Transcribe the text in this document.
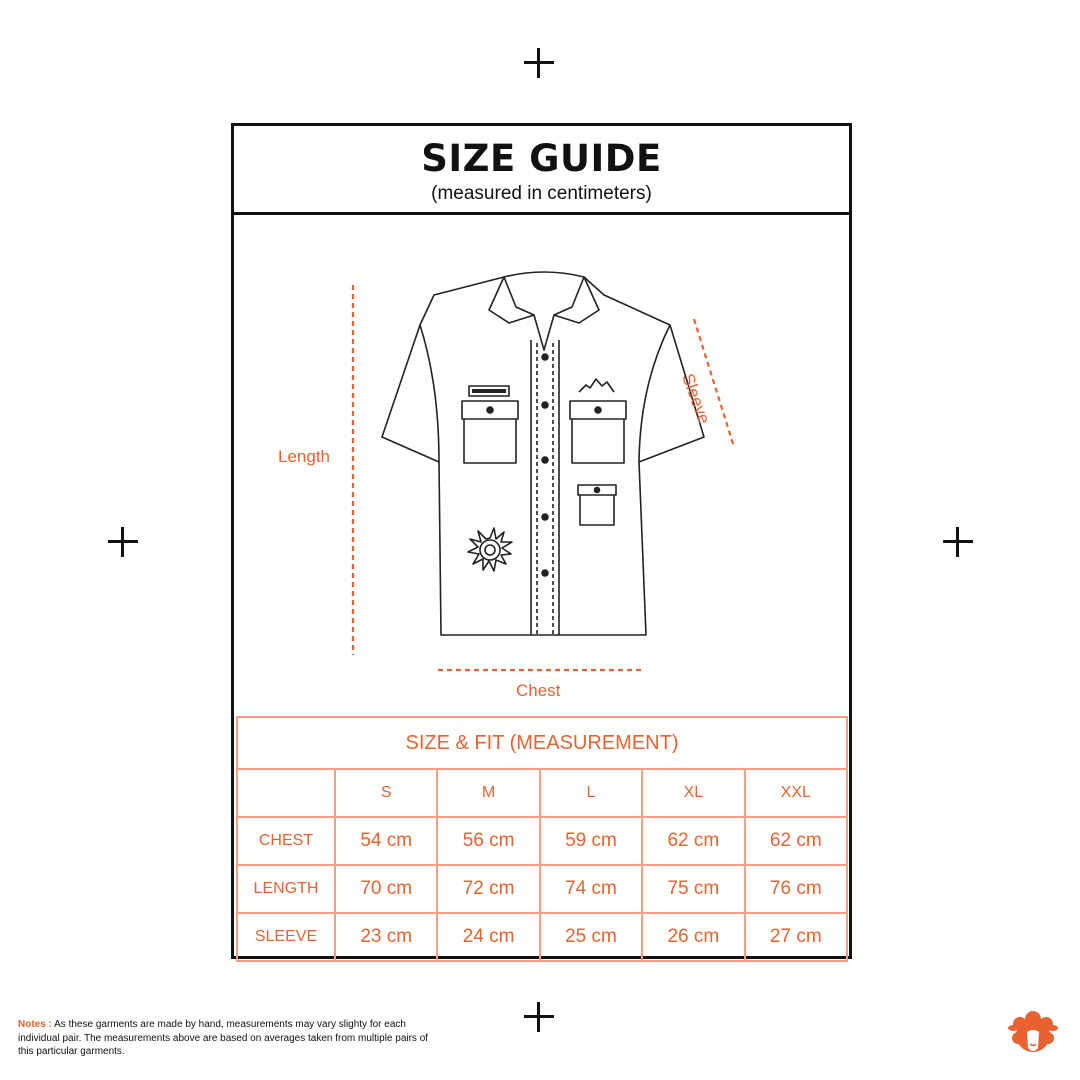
SIZE GUIDE
(measured in centimeters)
Length
Chest
Sleeve
SIZE & FIT (MEASUREMENT)					
	S	M	L	XL	XXL
CHEST	54 cm	56 cm	59 cm	62 cm	62 cm
LENGTH	70 cm	72 cm	74 cm	75 cm	76 cm
SLEEVE	23 cm	24 cm	25 cm	26 cm	27 cm
Notes : As these garments are made by hand, measurements may vary slighty for each individual pair. The measurements above are based on averages taken from multiple pairs of this particular garments.
